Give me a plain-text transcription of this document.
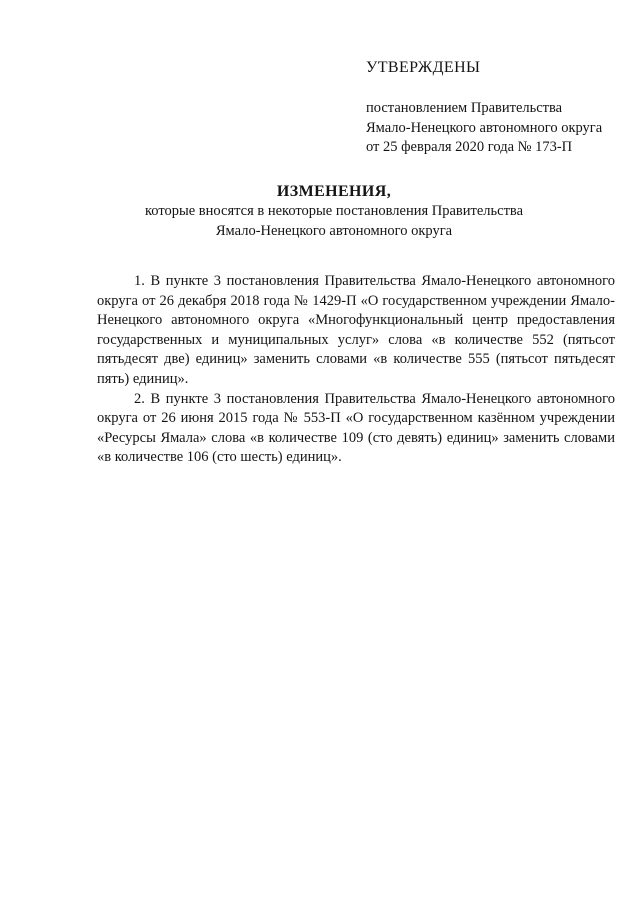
УТВЕРЖДЕНЫ

постановлением Правительства

Ямало-Ненецкого автономного округа

от 25 февраля 2020 года № 173-П

ИЗМЕНЕНИЯ,

которые вносятся в некоторые постановления Правительства

Ямало-Ненецкого автономного округа

1. В пункте 3 постановления Правительства Ямало-Ненецкого автономного округа от 26 декабря 2018 года № 1429-П «О государственном учреждении Ямало-Ненецкого автономного округа «Многофункциональный центр предоставления государственных и муниципальных услуг» слова «в количестве 552 (пятьсот пятьдесят две) единиц» заменить словами «в количестве 555 (пятьсот пятьдесят пять) единиц».

2. В пункте 3 постановления Правительства Ямало-Ненецкого автономного округа от 26 июня 2015 года № 553-П «О государственном казённом учреждении «Ресурсы Ямала» слова «в количестве 109 (сто девять) единиц» заменить словами «в количестве 106 (сто шесть) единиц».
